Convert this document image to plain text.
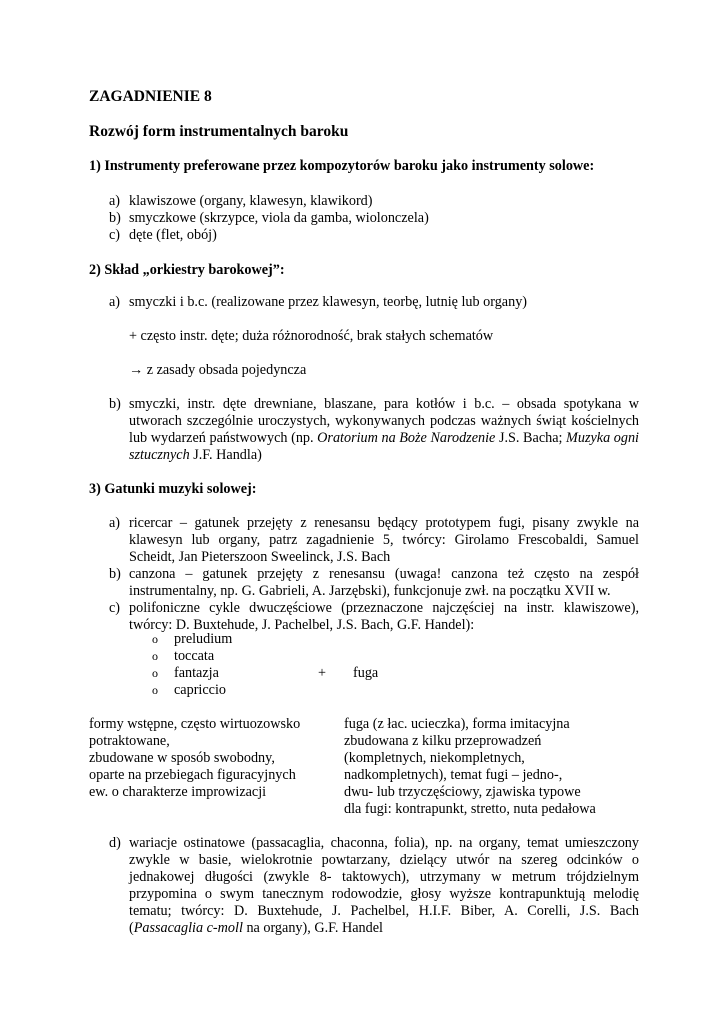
ZAGADNIENIE 8
Rozwój form instrumentalnych baroku
1) Instrumenty preferowane przez kompozytorów baroku jako instrumenty solowe:
a) klawiszowe (organy, klawesyn, klawikord)
b) smyczkowe (skrzypce, viola da gamba, wiolonczela)
c) dęte (flet, obój)
2) Skład „orkiestry barokowej”:
a) smyczki i b.c. (realizowane przez klawesyn, teorbę, lutnię lub organy)
+ często instr. dęte; duża różnorodność, brak stałych schematów
→ z zasady obsada pojedyncza
b) smyczki, instr. dęte drewniane, blaszane, para kotłów i b.c. – obsada spotykana w utworach szczególnie uroczystych, wykonywanych podczas ważnych świąt kościelnych lub wydarzeń państwowych (np. Oratorium na Boże Narodzenie J.S. Bacha; Muzyka ogni sztucznych J.F. Handla)

3) Gatunki muzyki solowej:
a) ricercar – gatunek przejęty z renesansu będący prototypem fugi, pisany zwykle na klawesyn lub organy, patrz zagadnienie 5, twórcy: Girolamo Frescobaldi, Samuel Scheidt, Jan Pieterszoon Sweelinck, J.S. Bach
b) canzona – gatunek przejęty z renesansu (uwaga! canzona też często na zespół instrumentalny, np. G. Gabrieli, A. Jarzębski), funkcjonuje zwł. na początku XVII w.
c) polifoniczne cykle dwuczęściowe (przeznaczone najczęściej na instr. klawiszowe), twórcy: D. Buxtehude, J. Pachelbel, J.S. Bach, G.F. Handel):
o preludium
o toccata
o fantazja
o capriccio
+ fuga
formy wstępne, często wirtuozowsko
potraktowane,
zbudowane w sposób swobodny,
oparte na przebiegach figuracyjnych
ew. o charakterze improwizacji
fuga (z łac. ucieczka), forma imitacyjna
zbudowana z kilku przeprowadzeń
(kompletnych, niekompletnych,
nadkompletnych), temat fugi – jedno-,
dwu- lub trzyczęściowy, zjawiska typowe
dla fugi: kontrapunkt, stretto, nuta pedałowa
d) wariacje ostinatowe (passacaglia, chaconna, folia), np. na organy, temat umieszczony zwykle w basie, wielokrotnie powtarzany, dzielący utwór na szereg odcinków o jednakowej długości (zwykle 8- taktowych), utrzymany w metrum trójdzielnym przypomina o swym tanecznym rodowodzie, głosy wyższe kontrapunktują melodię tematu; twórcy: D. Buxtehude, J. Pachelbel, H.I.F. Biber, A. Corelli, J.S. Bach (Passacaglia c-moll na organy), G.F. Handel
